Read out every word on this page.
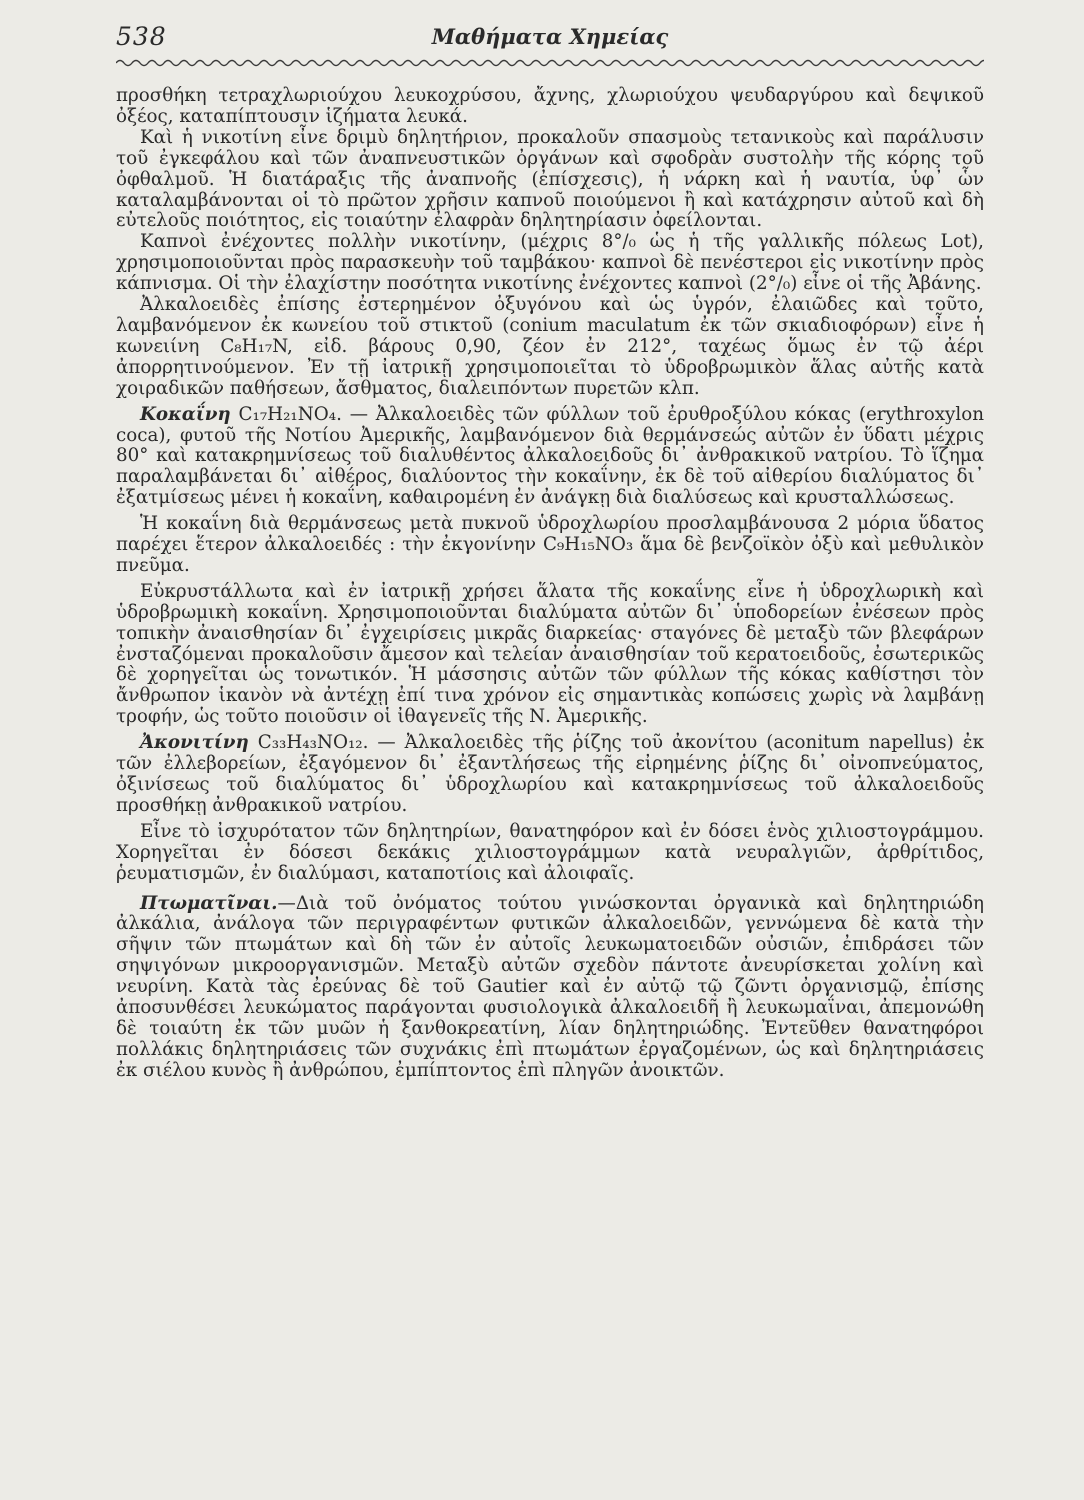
538	Μαθήματα Χημείας

προσθήκη τετραχλωριούχου λευκοχρύσου, ἄχνης, χλωριούχου ψευδαργύρου καὶ δεψικοῦ ὀξέος, καταπίπτουσιν ἱζήματα λευκά.

Καὶ ἡ νικοτίνη εἶνε δριμὺ δηλητήριον, προκαλοῦν σπασμοὺς τετανικοὺς καὶ παράλυσιν τοῦ ἐγκεφάλου καὶ τῶν ἀναπνευστικῶν ὀργάνων καὶ σφοδρὰν συστολὴν τῆς κόρης τοῦ ὀφθαλμοῦ. Ἡ διατάραξις τῆς ἀναπνοῆς (ἐπίσχεσις), ἡ νάρκη καὶ ἡ ναυτία, ὑφ᾽ ὧν καταλαμβάνονται οἱ τὸ πρῶτον χρῆσιν καπνοῦ ποιούμενοι ἢ καὶ κατάχρησιν αὐτοῦ καὶ δὴ εὐτελοῦς ποιότητος, εἰς τοιαύτην ἐλαφρὰν δηλητηρίασιν ὀφείλονται.

Καπνοὶ ἐνέχοντες πολλὴν νικοτίνην, (μέχρις 8°/₀ ὡς ἡ τῆς γαλλικῆς πόλεως Lot), χρησιμοποιοῦνται πρὸς παρασκευὴν τοῦ ταμβάκου· καπνοὶ δὲ πενέστεροι εἰς νικοτίνην πρὸς κάπνισμα. Οἱ τὴν ἐλαχίστην ποσότητα νικοτίνης ἐνέχοντες καπνοὶ (2°/₀) εἶνε οἱ τῆς Ἀβάνης.

Ἀλκαλοειδὲς ἐπίσης ἐστερημένον ὀξυγόνου καὶ ὡς ὑγρόν, ἐλαιῶδες καὶ τοῦτο, λαμβανόμενον ἐκ κωνείου τοῦ στικτοῦ (conium maculatum ἐκ τῶν σκιαδιοφόρων) εἶνε ἡ κωνειίνη C₈H₁₇N, εἰδ. βάρους 0,90, ζέον ἐν 212°, ταχέως ὅμως ἐν τῷ ἀέρι ἀπορρητινούμενον. Ἐν τῇ ἰατρικῇ χρησιμοποιεῖται τὸ ὑδροβρωμικὸν ἅλας αὐτῆς κατὰ χοιραδικῶν παθήσεων, ἄσθματος, διαλειπόντων πυρετῶν κλπ.

Κοκαΐνη C₁₇H₂₁NO₄. — Ἀλκαλοειδὲς τῶν φύλλων τοῦ ἐρυθροξύλου κόκας (erythroxylon coca), φυτοῦ τῆς Νοτίου Ἀμερικῆς, λαμβανόμενον διὰ θερμάνσεώς αὐτῶν ἐν ὕδατι μέχρις 80° καὶ κατακρημνίσεως τοῦ διαλυθέντος ἀλκαλοειδοῦς δι᾽ ἀνθρακικοῦ νατρίου. Τὸ ἵζημα παραλαμβάνεται δι᾽ αἰθέρος, διαλύοντος τὴν κοκαΐνην, ἐκ δὲ τοῦ αἰθερίου διαλύματος δι᾽ ἐξατμίσεως μένει ἡ κοκαΐνη, καθαιρομένη ἐν ἀνάγκῃ διὰ διαλύσεως καὶ κρυσταλλώσεως.

Ἡ κοκαΐνη διὰ θερμάνσεως μετὰ πυκνοῦ ὑδροχλωρίου προσλαμβάνουσα 2 μόρια ὕδατος παρέχει ἕτερον ἀλκαλοειδές : τὴν ἐκγονίνην C₉H₁₅NO₃ ἅμα δὲ βενζοϊκὸν ὀξὺ καὶ μεθυλικὸν πνεῦμα.

Εὐκρυστάλλωτα καὶ ἐν ἰατρικῇ χρήσει ἅλατα τῆς κοκαΐνης εἶνε ἡ ὑδροχλωρικὴ καὶ ὑδροβρωμικὴ κοκαΐνη. Χρησιμοποιοῦνται διαλύματα αὐτῶν δι᾽ ὑποδορείων ἐνέσεων πρὸς τοπικὴν ἀναισθησίαν δι᾽ ἐγχειρίσεις μικρᾶς διαρκείας· σταγόνες δὲ μεταξὺ τῶν βλεφάρων ἐνσταζόμεναι προκαλοῦσιν ἄμεσον καὶ τελείαν ἀναισθησίαν τοῦ κερατοειδοῦς, ἐσωτερικῶς δὲ χορηγεῖται ὡς τονωτικόν. Ἡ μάσσησις αὐτῶν τῶν φύλλων τῆς κόκας καθίστησι τὸν ἄνθρωπον ἱκανὸν νὰ ἀντέχῃ ἐπί τινα χρόνον εἰς σημαντικὰς κοπώσεις χωρὶς νὰ λαμβάνῃ τροφήν, ὡς τοῦτο ποιοῦσιν οἱ ἰθαγενεῖς τῆς Ν. Ἀμερικῆς.

Ἀκονιτίνη C₃₃H₄₃NO₁₂. — Ἀλκαλοειδὲς τῆς ῥίζης τοῦ ἀκονίτου (aconitum napellus) ἐκ τῶν ἐλλεβορείων, ἐξαγόμενον δι᾽ ἐξαντλήσεως τῆς εἰρημένης ῥίζης δι᾽ οἰνοπνεύματος, ὀξινίσεως τοῦ διαλύματος δι᾽ ὑδροχλωρίου καὶ κατακρημνίσεως τοῦ ἀλκαλοειδοῦς προσθήκῃ ἀνθρακικοῦ νατρίου.

Εἶνε τὸ ἰσχυρότατον τῶν δηλητηρίων, θανατηφόρον καὶ ἐν δόσει ἑνὸς χιλιοστογράμμου. Χορηγεῖται ἐν δόσεσι δεκάκις χιλιοστογράμμων κατὰ νευραλγιῶν, ἀρθρίτιδος, ῥευματισμῶν, ἐν διαλύμασι, καταποτίοις καὶ ἀλοιφαῖς.

Πτωματῖναι.—Διὰ τοῦ ὀνόματος τούτου γινώσκονται ὀργανικὰ καὶ δηλητηριώδη ἀλκάλια, ἀνάλογα τῶν περιγραφέντων φυτικῶν ἀλκαλοειδῶν, γεννώμενα δὲ κατὰ τὴν σῆψιν τῶν πτωμάτων καὶ δὴ τῶν ἐν αὐτοῖς λευκωματοειδῶν οὐσιῶν, ἐπιδράσει τῶν σηψιγόνων μικροοργανισμῶν. Μεταξὺ αὐτῶν σχεδὸν πάντοτε ἀνευρίσκεται χολίνη καὶ νευρίνη. Κατὰ τὰς ἐρεύνας δὲ τοῦ Gautier καὶ ἐν αὐτῷ τῷ ζῶντι ὀργανισμῷ, ἐπίσης ἀποσυνθέσει λευκώματος παράγονται φυσιολογικὰ ἀλκαλοειδῆ ἢ λευκωμαΐναι, ἀπεμονώθη δὲ τοιαύτη ἐκ τῶν μυῶν ἡ ξανθοκρεατίνη, λίαν δηλητηριώδης. Ἐντεῦθεν θανατηφόροι πολλάκις δηλητηριάσεις τῶν συχνάκις ἐπὶ πτωμάτων ἐργαζομένων, ὡς καὶ δηλητηριάσεις ἐκ σιέλου κυνὸς ἢ ἀνθρώπου, ἐμπίπτοντος ἐπὶ πληγῶν ἀνοικτῶν.
